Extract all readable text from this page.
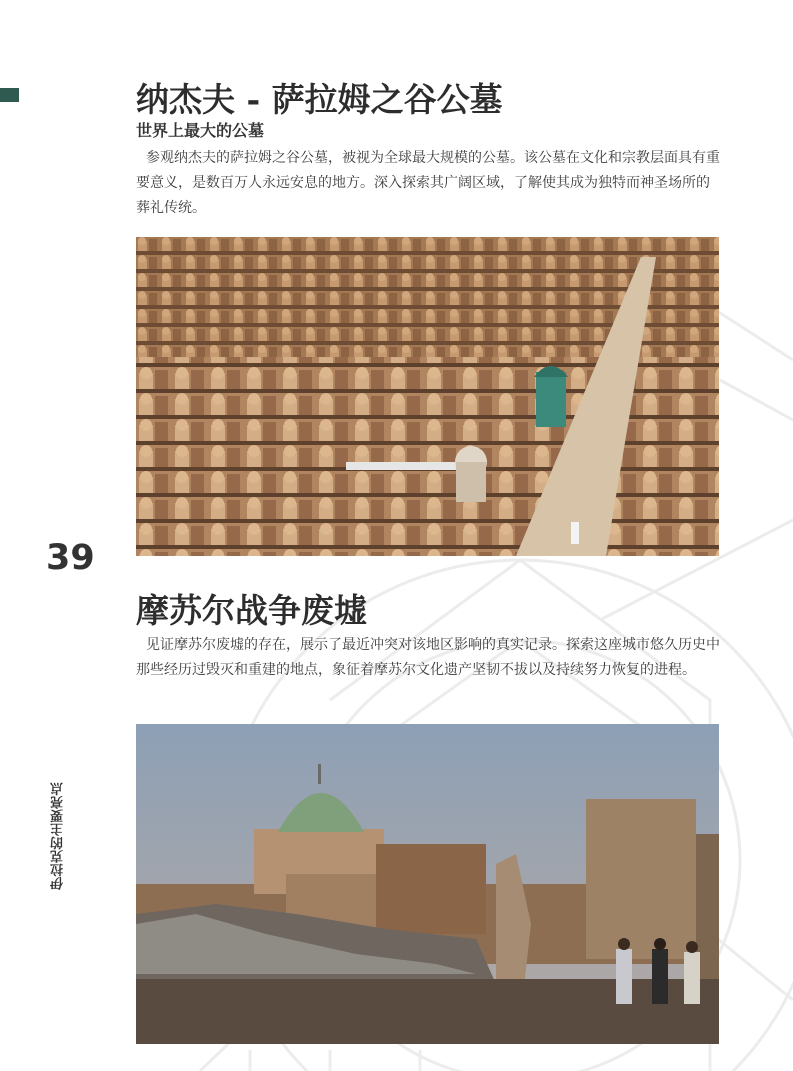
39
伊拉克的主要亮点
纳杰夫 - 萨拉姆之谷公墓
世界上最大的公墓

参观纳杰夫的萨拉姆之谷公墓，被视为全球最大规模的公墓。该公墓在文化和宗教层面具有重要意义，是数百万人永远安息的地方。深入探索其广阔区域，了解使其成为独特而神圣场所的葬礼传统。

摩苏尔战争废墟

见证摩苏尔废墟的存在，展示了最近冲突对该地区影响的真实记录。探索这座城市悠久历史中那些经历过毁灭和重建的地点，象征着摩苏尔文化遗产坚韧不拔以及持续努力恢复的进程。
